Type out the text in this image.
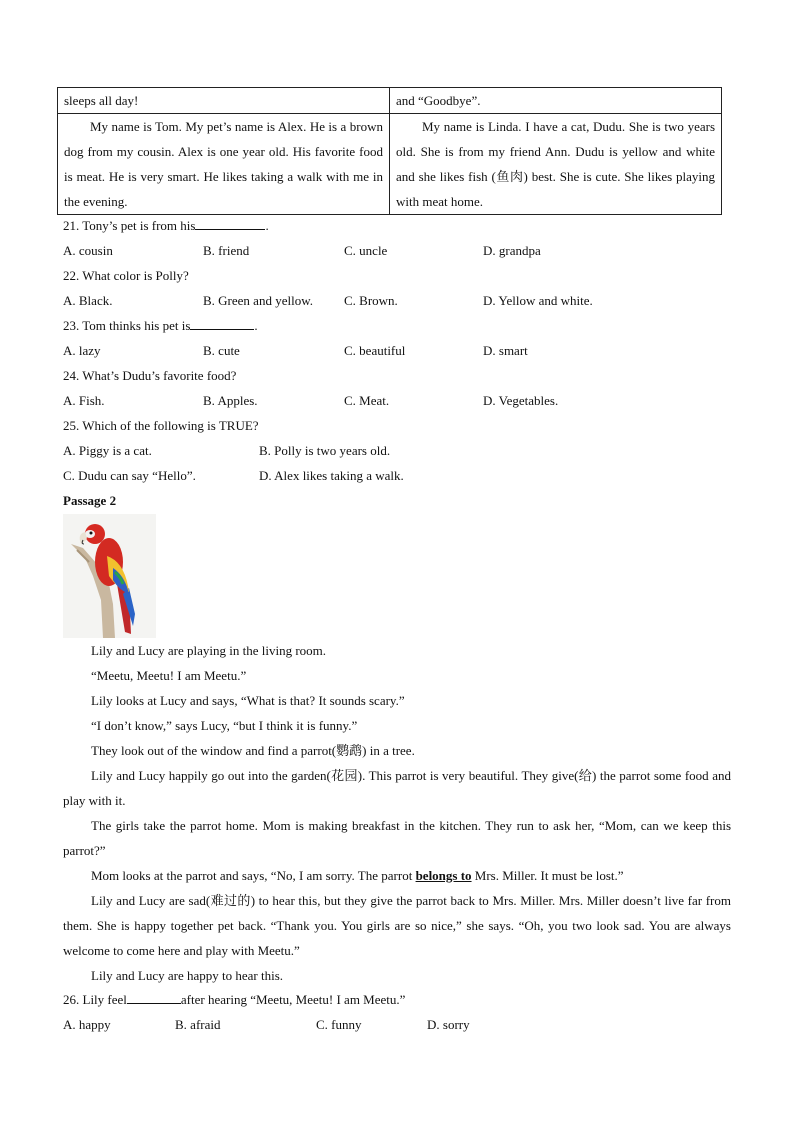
sleeps all day!	and “Goodbye”.
My name is Tom. My pet’s name is Alex. He is a brown dog from my cousin. Alex is one year old. His favorite food is meat. He is very smart. He likes taking a walk with me in the evening.	My name is Linda. I have a cat, Dudu. She is two years old. She is from my friend Ann. Dudu is yellow and white and she likes fish (鱼肉) best. She is cute. She likes playing with meat home.
21. Tony’s pet is from his	.
A. cousin	B. friend	C. uncle	D. grandpa
22. What color is Polly?
A. Black.	B. Green and yellow. C. Brown.	D. Yellow and white.
23. Tom thinks his pet is	.
A. lazy	B. cute	C. beautiful	D. smart
24. What’s Dudu’s favorite food?
A. Fish.	B. Apples.	C. Meat.	D. Vegetables.
25. Which of the following is TRUE?
A. Piggy is a cat.	B. Polly is two years old.
C. Dudu can say “Hello”.	D. Alex likes taking a walk.
Passage 2

Lily and Lucy are playing in the living room.

“Meetu, Meetu! I am Meetu.”

Lily looks at Lucy and says, “What is that? It sounds scary.”

“I don’t know,” says Lucy, “but I think it is funny.”

They look out of the window and find a parrot(鹦鹉) in a tree.

Lily and Lucy happily go out into the garden(花园). This parrot is very beautiful. They give(给) the parrot some food and play with it.

The girls take the parrot home. Mom is making breakfast in the kitchen. They run to ask her, “Mom, can we keep this parrot?”

Mom looks at the parrot and says, “No, I am sorry. The parrot belongs to Mrs. Miller. It must be lost.”

Lily and Lucy are sad(难过的) to hear this, but they give the parrot back to Mrs. Miller. Mrs. Miller doesn’t live far from them. She is happy together pet back. “Thank you. You girls are so nice,” she says. “Oh, you two look sad. You are always welcome to come here and play with Meetu.”

Lily and Lucy are happy to hear this.

26. Lily feel	after hearing “Meetu, Meetu! I am Meetu.”
A. happy	B. afraid	C. funny	D. sorry
